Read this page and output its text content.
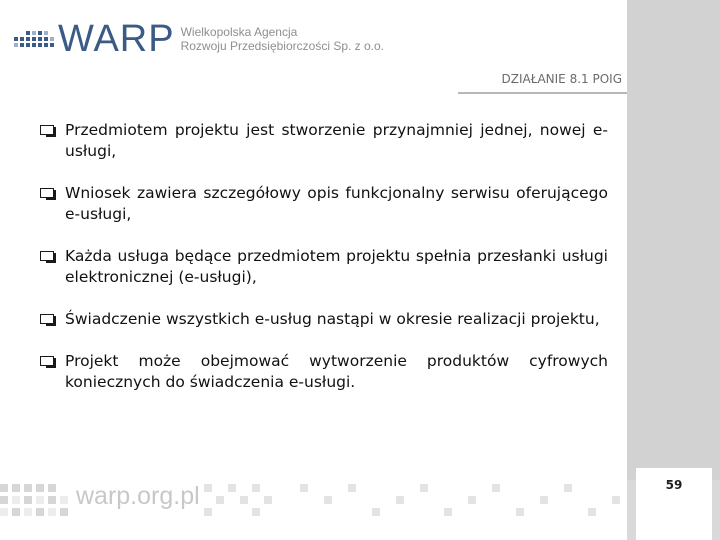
WARP Wielkopolska Agencja
Rozwoju Przedsiębiorczości Sp. z o.o.
DZIAŁANIE 8.1 POIG
Przedmiotem projektu jest stworzenie przynajmniej jednej, nowej e-usługi,
Wniosek zawiera szczegółowy opis funkcjonalny serwisu oferującego e-usługi,
Każda usługa będące przedmiotem projektu spełnia przesłanki usługi elektronicznej (e-usługi),
Świadczenie wszystkich e-usług nastąpi w okresie realizacji projektu,
Projekt może obejmować wytworzenie produktów cyfrowych koniecznych do świadczenia e-usługi.
warp.org.pl	59
